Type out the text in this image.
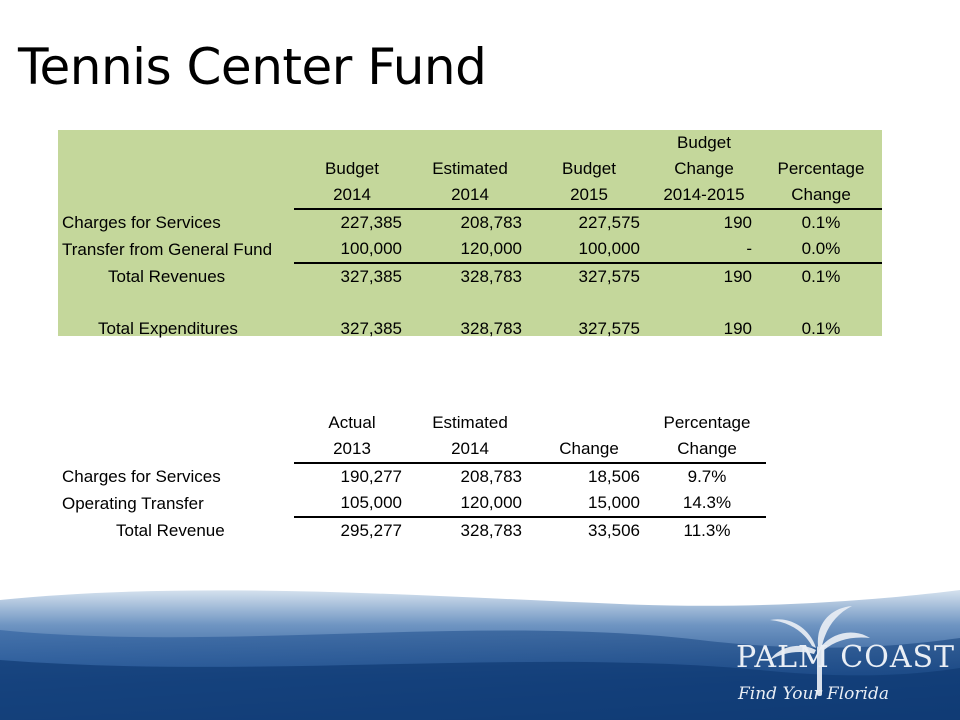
Tennis Center Fund
				Budget	
	Budget	Estimated	Budget	Change	Percentage
	2014	2014	2015	2014-2015	Change
Charges for Services	227,385	208,783	227,575	190	0.1%
Transfer from General Fund	100,000	120,000	100,000	-	0.0%
Total Revenues	327,385	328,783	327,575	190	0.1%

Total Expenditures	327,385	328,783	327,575	190	0.1%
	Actual	Estimated		Percentage
	2013	2014	Change	Change
Charges for Services	190,277	208,783	18,506	9.7%
Operating Transfer	105,000	120,000	15,000	14.3%
Total Revenue	295,277	328,783	33,506	11.3%
PALM COAST
Find Your Florida
